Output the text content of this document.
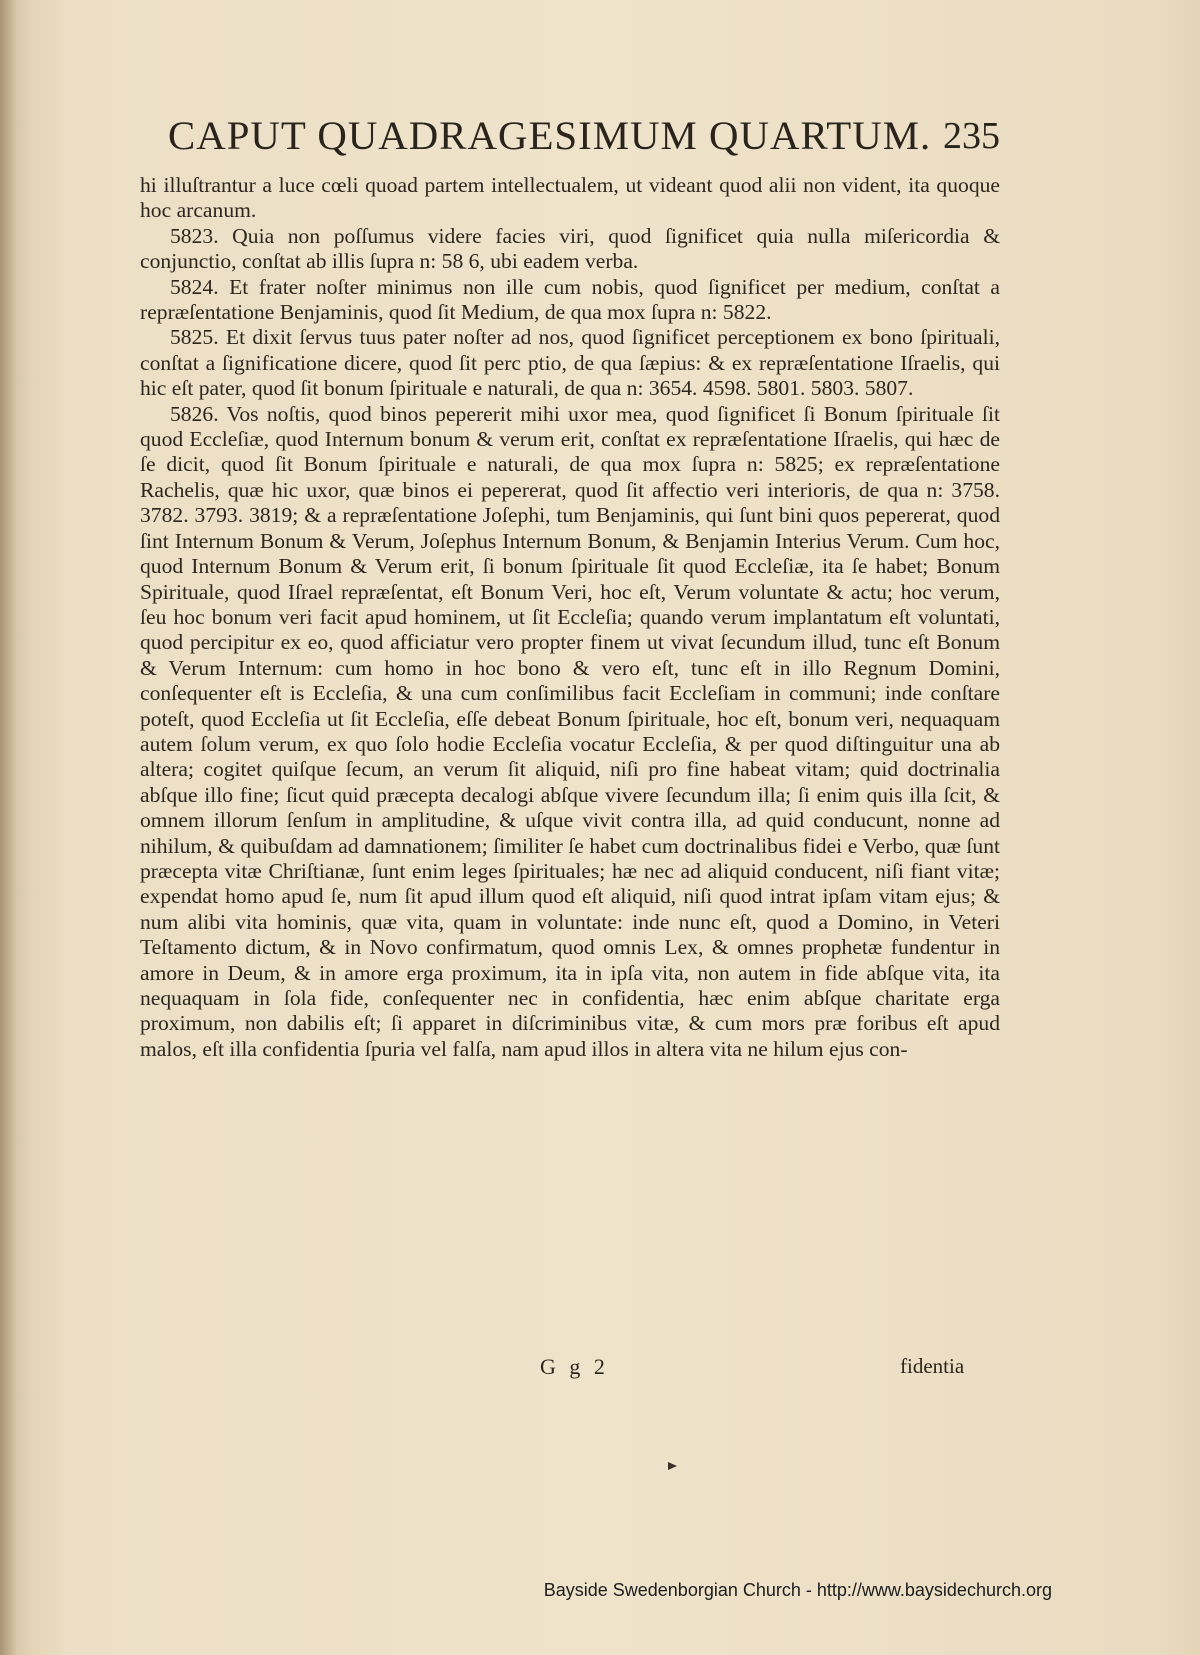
CAPUT QUADRAGESIMUM QUARTUM. 235

hi illuſtrantur a luce cœli quoad partem intellectualem, ut videant quod alii non vident, ita quoque hoc arcanum.

5823. Quia non poſſumus videre facies viri, quod ſignificet quia nulla miſericordia & conjunctio, conſtat ab illis ſupra n: 58 6, ubi eadem verba.

5824. Et frater noſter minimus non ille cum nobis, quod ſignificet per medium, conſtat a repræſentatione Benjaminis, quod ſit Medium, de qua mox ſupra n: 5822.

5825. Et dixit ſervus tuus pater noſter ad nos, quod ſignificet perceptionem ex bono ſpirituali, conſtat a ſignificatione dicere, quod ſit perc ptio, de qua ſæpius: & ex repræſentatione Iſraelis, qui hic eſt pater, quod ſit bonum ſpirituale e naturali, de qua n: 3654. 4598. 5801. 5803. 5807.

5826. Vos noſtis, quod binos pepererit mihi uxor mea, quod ſignificet ſi Bonum ſpirituale ſit quod Eccleſiæ, quod Internum bonum & verum erit, conſtat ex repræſentatione Iſraelis, qui hæc de ſe dicit, quod ſit Bonum ſpirituale e naturali, de qua mox ſupra n: 5825; ex repræſentatione Rachelis, quæ hic uxor, quæ binos ei pepererat, quod ſit affectio veri interioris, de qua n: 3758. 3782. 3793. 3819; & a repræſentatione Joſephi, tum Benjaminis, qui ſunt bini quos pepererat, quod ſint Internum Bonum & Verum, Joſephus Internum Bonum, & Benjamin Interius Verum. Cum hoc, quod Internum Bonum & Verum erit, ſi bonum ſpirituale ſit quod Eccleſiæ, ita ſe habet; Bonum Spirituale, quod Iſrael repræſentat, eſt Bonum Veri, hoc eſt, Verum voluntate & actu; hoc verum, ſeu hoc bonum veri facit apud hominem, ut ſit Eccleſia; quando verum implantatum eſt voluntati, quod percipitur ex eo, quod afficiatur vero propter finem ut vivat ſecundum illud, tunc eſt Bonum & Verum Internum: cum homo in hoc bono & vero eſt, tunc eſt in illo Regnum Domini, conſequenter eſt is Eccleſia, & una cum conſimilibus facit Eccleſiam in communi; inde conſtare poteſt, quod Eccleſia ut ſit Eccleſia, eſſe debeat Bonum ſpirituale, hoc eſt, bonum veri, nequaquam autem ſolum verum, ex quo ſolo hodie Eccleſia vocatur Eccleſia, & per quod diſtinguitur una ab altera; cogitet quiſque ſecum, an verum ſit aliquid, niſi pro fine habeat vitam; quid doctrinalia abſque illo fine; ſicut quid præcepta decalogi abſque vivere ſecundum illa; ſi enim quis illa ſcit, & omnem illorum ſenſum in amplitudine, & uſque vivit contra illa, ad quid conducunt, nonne ad nihilum, & quibuſdam ad damnationem; ſimiliter ſe habet cum doctrinalibus fidei e Verbo, quæ ſunt præcepta vitæ Chriſtianæ, ſunt enim leges ſpirituales; hæ nec ad aliquid conducent, niſi fiant vitæ; expendat homo apud ſe, num ſit apud illum quod eſt aliquid, niſi quod intrat ipſam vitam ejus; & num alibi vita hominis, quæ vita, quam in voluntate: inde nunc eſt, quod a Domino, in Veteri Teſtamento dictum, & in Novo confirmatum, quod omnis Lex, & omnes prophetæ fundentur in amore in Deum, & in amore erga proximum, ita in ipſa vita, non autem in fide abſque vita, ita nequaquam in ſola fide, conſequenter nec in confidentia, hæc enim abſque charitate erga proximum, non dabilis eſt; ſi apparet in diſcriminibus vitæ, & cum mors præ foribus eſt apud malos, eſt illa confidentia ſpuria vel falſa, nam apud illos in altera vita ne hilum ejus con-

G g 2	fidentia
Bayside Swedenborgian Church - http://www.baysidechurch.org
